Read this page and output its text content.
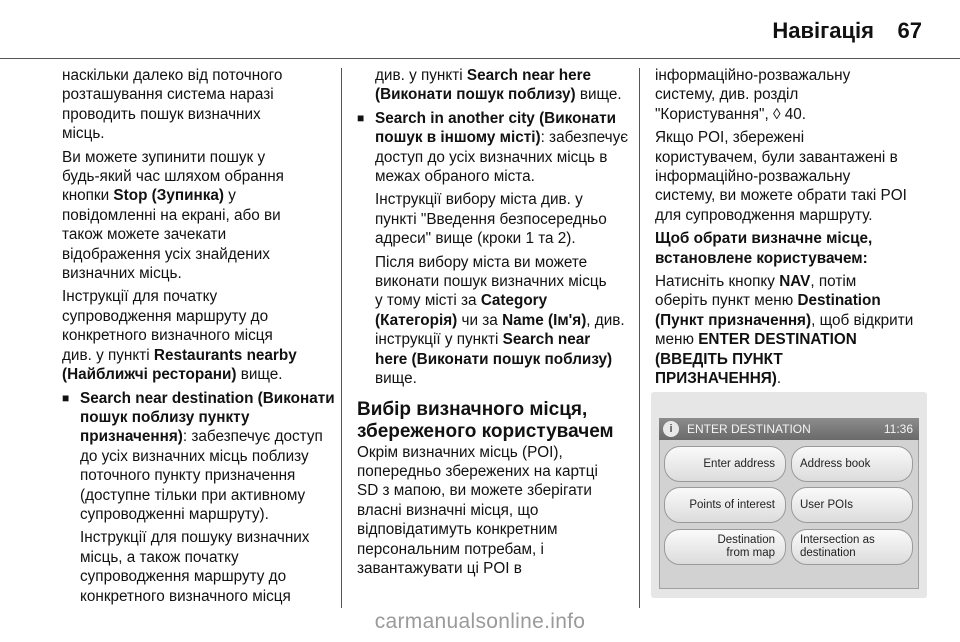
Навігація 67
наскільки далеко від поточного
розташування система наразі
проводить пошук визначних
місць.
Ви можете зупинити пошук у
будь-який час шляхом обрання
кнопки Stop (Зупинка) у
повідомленні на екрані, або ви
також можете зачекати
відображення усіх знайдених
визначних місць.
Інструкції для початку
супроводження маршруту до
конкретного визначного місця
див. у пункті Restaurants nearby
(Найближчі ресторани) вище.
■ Search near destination (Виконати
пошук поблизу пункту
призначення): забезпечує доступ
до усіх визначних місць поблизу
поточного пункту призначення
(доступне тільки при активному
супроводженні маршруту).
Інструкції для пошуку визначних
місць, а також початку
супроводження маршруту до
конкретного визначного місця
див. у пункті Search near here
(Виконати пошук поблизу) вище.
■ Search in another city (Виконати
пошук в іншому місті): забезпечує
доступ до усіх визначних місць в
межах обраного міста.
Інструкції вибору міста див. у
пункті "Введення безпосередньо
адреси" вище (кроки 1 та 2).
Після вибору міста ви можете
виконати пошук визначних місць
у тому місті за Category
(Категорія) чи за Name (Ім'я), див.
інструкції у пункті Search near
here (Виконати пошук поблизу)
вище.
Вибір визначного місця,
збереженого користувачем
Окрім визначних місць (POI),
попередньо збережених на картці
SD з мапою, ви можете зберігати
власні визначні місця, що
відповідатимуть конкретним
персональним потребам, і
завантажувати ці POI в
інформаційно-розважальну
систему, див. розділ
"Користування", ◊ 40.
Якщо POI, збережені
користувачем, були завантажені в
інформаційно-розважальну
систему, ви можете обрати такі POI
для супроводження маршруту.
Щоб обрати визначне місце,
встановлене користувачем:
Натисніть кнопку NAV, потім
оберіть пункт меню Destination
(Пункт призначення), щоб відкрити
меню ENTER DESTINATION
(ВВЕДІТЬ ПУНКТ
ПРИЗНАЧЕННЯ).
i	ENTER DESTINATION	11:36
Enter address Address book
Points of interest User POIs
Destination
from map
Intersection as
destination
carmanualsonline.info
